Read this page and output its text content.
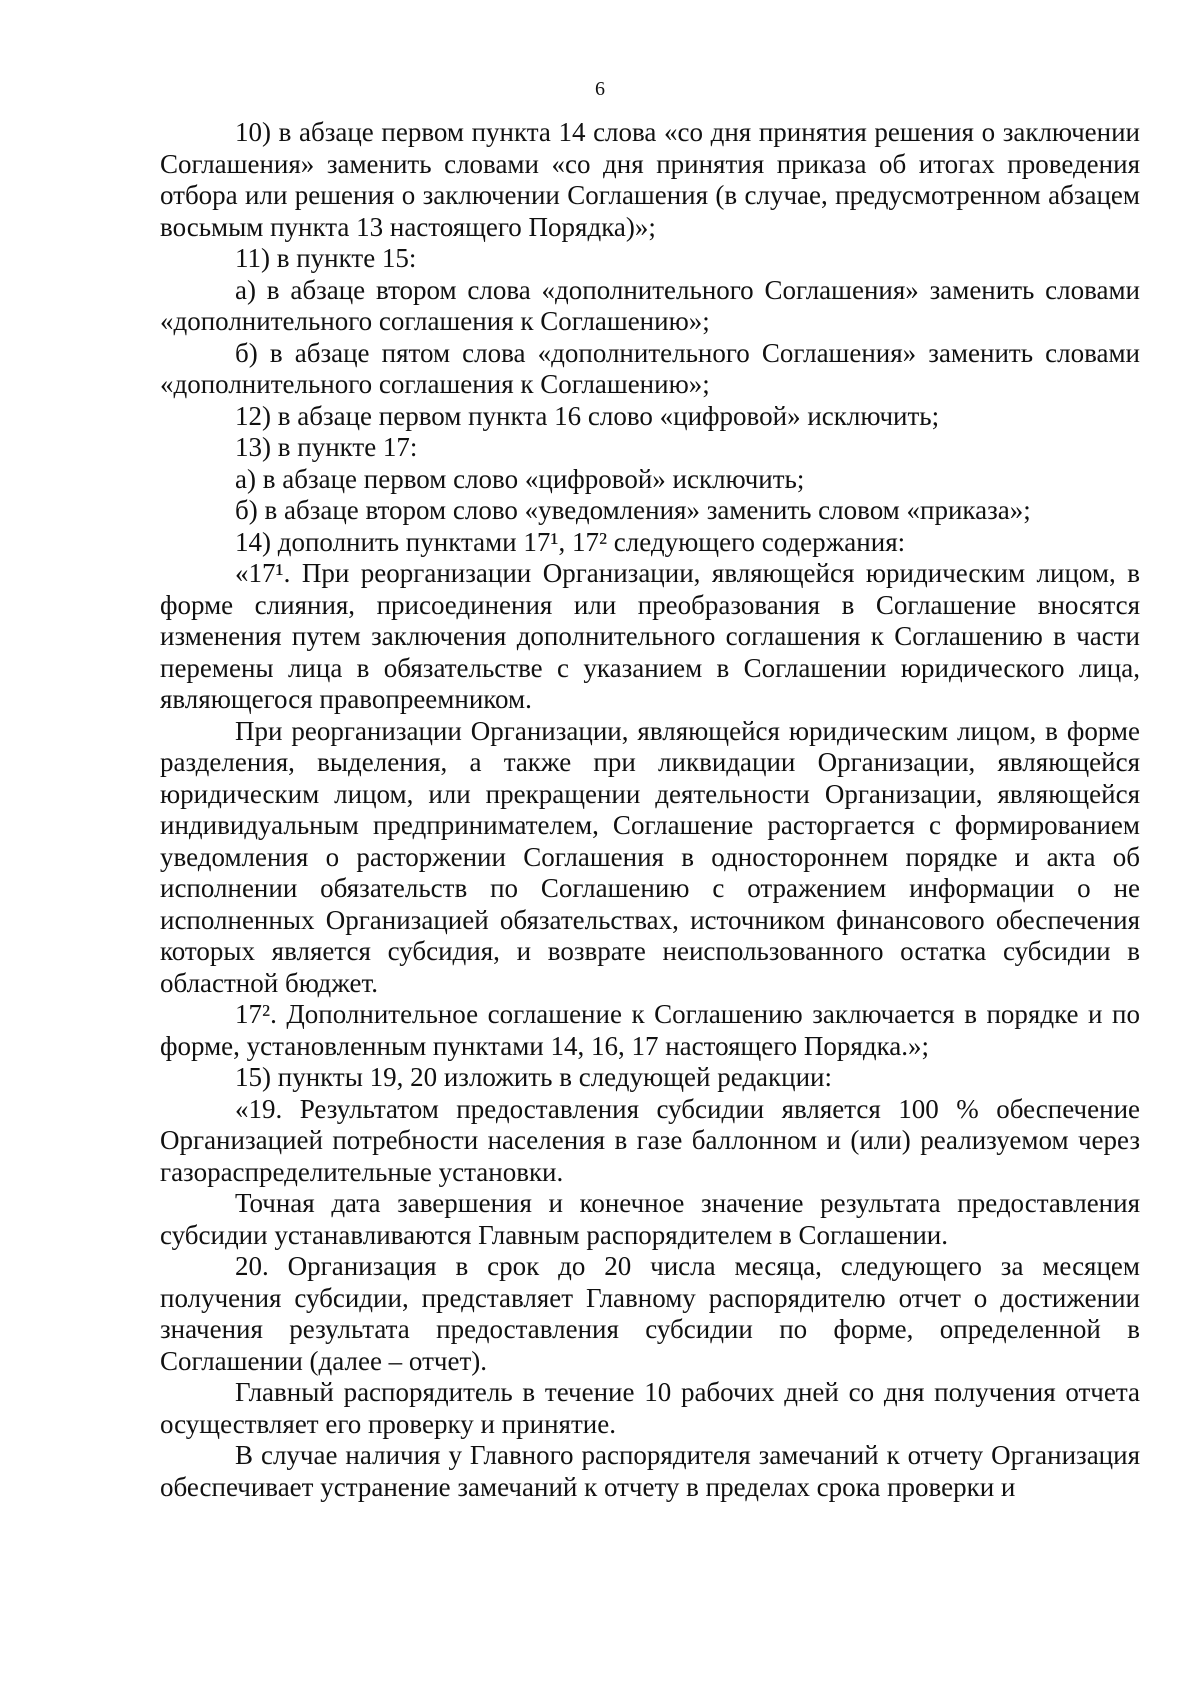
6

10) в абзаце первом пункта 14 слова «со дня принятия решения о заключении Соглашения» заменить словами «со дня принятия приказа об итогах проведения отбора или решения о заключении Соглашения (в случае, предусмотренном абзацем восьмым пункта 13 настоящего Порядка)»;

11) в пункте 15:

а) в абзаце втором слова «дополнительного Соглашения» заменить словами «дополнительного соглашения к Соглашению»;

б) в абзаце пятом слова «дополнительного Соглашения» заменить словами «дополнительного соглашения к Соглашению»;

12) в абзаце первом пункта 16 слово «цифровой» исключить;

13) в пункте 17:

а) в абзаце первом слово «цифровой» исключить;

б) в абзаце втором слово «уведомления» заменить словом «приказа»;

14) дополнить пунктами 17¹, 17² следующего содержания:

«17¹. При реорганизации Организации, являющейся юридическим лицом, в форме слияния, присоединения или преобразования в Соглашение вносятся изменения путем заключения дополнительного соглашения к Соглашению в части перемены лица в обязательстве с указанием в Соглашении юридического лица, являющегося правопреемником.

При реорганизации Организации, являющейся юридическим лицом, в форме разделения, выделения, а также при ликвидации Организации, являющейся юридическим лицом, или прекращении деятельности Организации, являющейся индивидуальным предпринимателем, Соглашение расторгается с формированием уведомления о расторжении Соглашения в одностороннем порядке и акта об исполнении обязательств по Соглашению с отражением информации о не исполненных Организацией обязательствах, источником финансового обеспечения которых является субсидия, и возврате неиспользованного остатка субсидии в областной бюджет.

17². Дополнительное соглашение к Соглашению заключается в порядке и по форме, установленным пунктами 14, 16, 17 настоящего Порядка.»;

15) пункты 19, 20 изложить в следующей редакции:

«19. Результатом предоставления субсидии является 100 % обеспечение Организацией потребности населения в газе баллонном и (или) реализуемом через газораспределительные установки.

Точная дата завершения и конечное значение результата предоставления субсидии устанавливаются Главным распорядителем в Соглашении.

20. Организация в срок до 20 числа месяца, следующего за месяцем получения субсидии, представляет Главному распорядителю отчет о достижении значения результата предоставления субсидии по форме, определенной в Соглашении (далее – отчет).

Главный распорядитель в течение 10 рабочих дней со дня получения отчета осуществляет его проверку и принятие.

В случае наличия у Главного распорядителя замечаний к отчету Организация обеспечивает устранение замечаний к отчету в пределах срока проверки и
